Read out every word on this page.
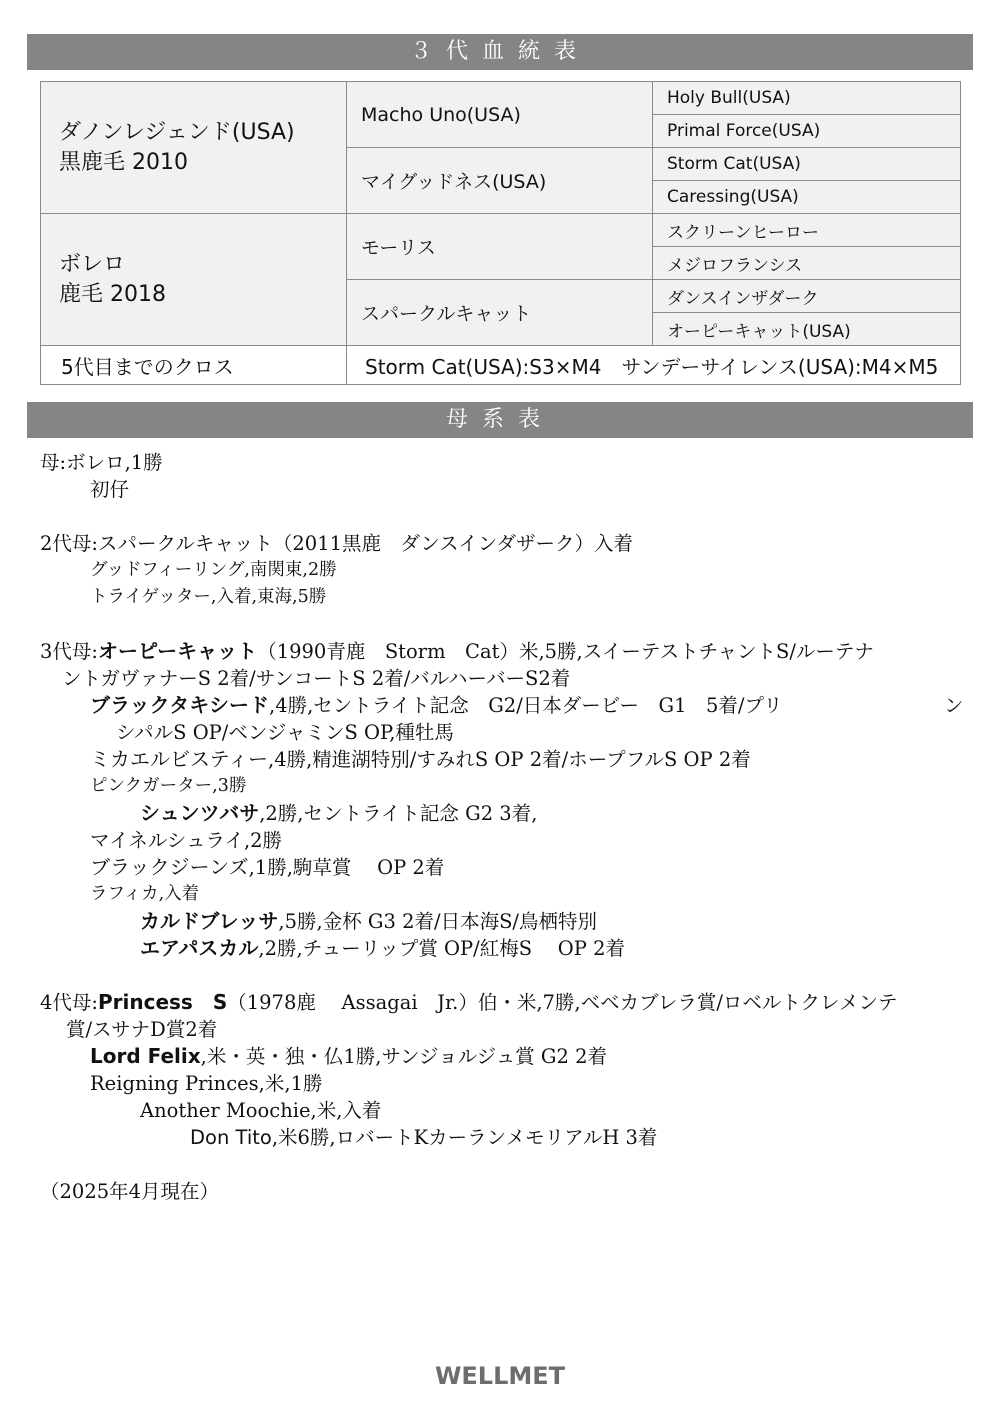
３代血統表
ダノンレジェンド(USA)
黒鹿毛 2010	Macho Uno(USA)	Holy Bull(USA)
		Primal Force(USA)
	マイグッドネス(USA)	Storm Cat(USA)
		Caressing(USA)

ボレロ
鹿毛 2018	モーリス	スクリーンヒーロー
		メジロフランシス
	スパークルキャット	ダンスインザダーク
		オーピーキャット(USA)
5代目までのクロス	Storm Cat(USA):S3×M4　サンデーサイレンス(USA):M4×M5	
母系表
母:ボレロ,1勝
初仔
2代母:スパークルキャット（2011黒鹿　ダンスインダザーク）入着
グッドフィーリング,南関東,2勝
トライゲッター,入着,東海,5勝
3代母:オーピーキャット（1990青鹿　Storm　Cat）米,5勝,スイーテストチャントS/ルーテナ
ントガヴァナーS 2着/サンコートS 2着/バルハーバーS2着
ブラックタキシード,4勝,セントライト記念　G2/日本ダービー　G1　5着/プリ	ン
シパルS OP/ベンジャミンS OP,種牡馬
ミカエルビスティー,4勝,精進湖特別/すみれS OP 2着/ホープフルS OP 2着
ピンクガーター,3勝
シュンツバサ,2勝,セントライト記念 G2 3着,
マイネルシュライ,2勝
ブラックジーンズ,1勝,駒草賞　 OP 2着
ラフィカ,入着
カルドブレッサ,5勝,金杯 G3 2着/日本海S/鳥栖特別
エアパスカル,2勝,チューリップ賞 OP/紅梅S　 OP 2着
4代母:Princess　S（1978鹿　 Assagai　Jr.）伯・米,7勝,ベベカブレラ賞/ロベルトクレメンテ
賞/スサナD賞2着
Lord Felix,米・英・独・仏1勝,サンジョルジュ賞 G2 2着
Reigning Princes,米,1勝
Another Moochie,米,入着
Don Tito,米6勝,ロバートKカーランメモリアルH 3着
（2025年4月現在）
WELLMET
